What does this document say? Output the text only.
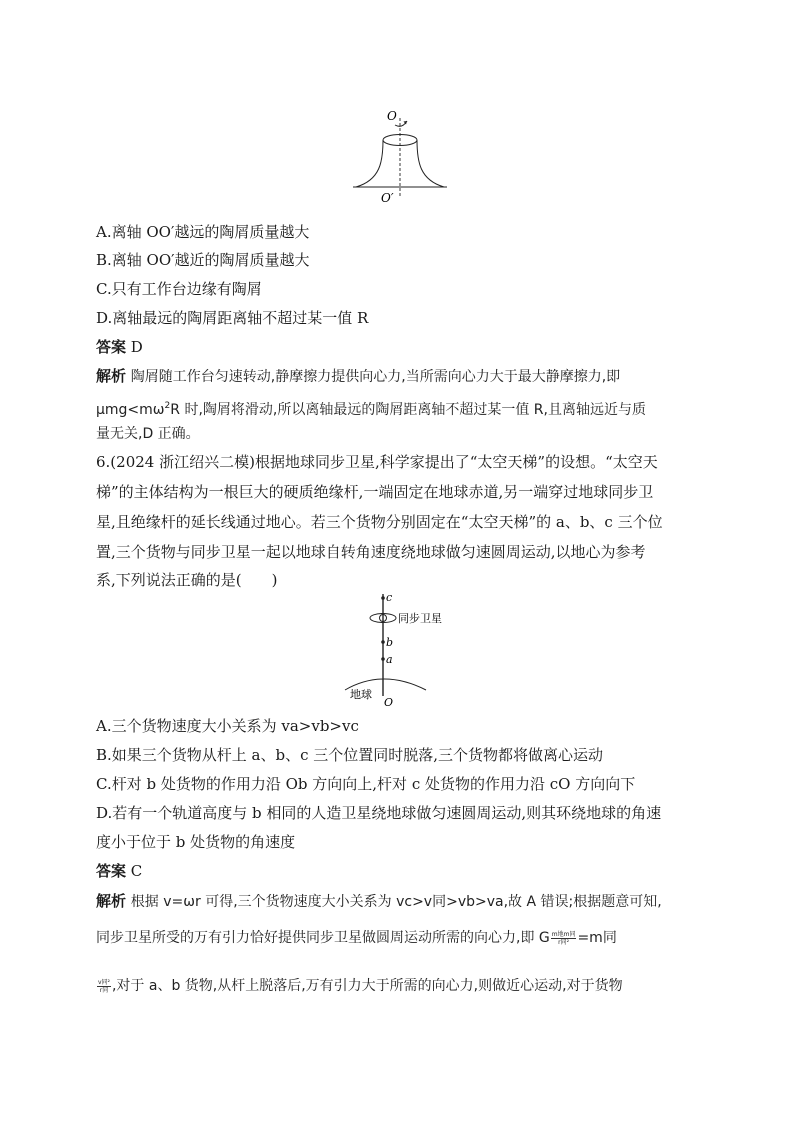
O
O′
A.离轴 OO′越远的陶屑质量越大
B.离轴 OO′越近的陶屑质量越大
C.只有工作台边缘有陶屑
D.离轴最远的陶屑距离轴不超过某一值 R
答案 D
解析 陶屑随工作台匀速转动,静摩擦力提供向心力,当所需向心力大于最大静摩擦力,即
$\mu mg<m\omega^2R$ 时,陶屑将滑动,所以离轴最远的陶屑距离轴不超过某一值 R,且离轴远近与质
量无关,D 正确。
6.(2024 浙江绍兴二模)根据地球同步卫星,科学家提出了“太空天梯”的设想。“太空天
梯”的主体结构为一根巨大的硬质绝缘杆,一端固定在地球赤道,另一端穿过地球同步卫
星,且绝缘杆的延长线通过地心。若三个货物分别固定在“太空天梯”的 a、b、c 三个位
置,三个货物与同步卫星一起以地球自转角速度绕地球做匀速圆周运动,以地心为参考
系,下列说法正确的是(　　)
c
同步卫星
b
a
地球
O
A.三个货物速度大小关系为 va>vb>vc
B.如果三个货物从杆上 a、b、c 三个位置同时脱落,三个货物都将做离心运动
C.杆对 b 处货物的作用力沿 Ob 方向向上,杆对 c 处货物的作用力沿 cO 方向向下
D.若有一个轨道高度与 b 相同的人造卫星绕地球做匀速圆周运动,则其环绕地球的角速
度小于位于 b 处货物的角速度
答案 C
解析 根据 v=ωr 可得,三个货物速度大小关系为 vc>v同>vb>va,故 A 错误;根据题意可知,
同步卫星所受的万有引力恰好提供同步卫星做圆周运动所需的向心力,即 G $\frac{\text{m地m同}}{\text{r同²}} =m$同
$\frac{\text{v同²}}{\text{r同}}$ ,对于 a、b 货物,从杆上脱落后,万有引力大于所需的向心力,则做近心运动,对于货物
